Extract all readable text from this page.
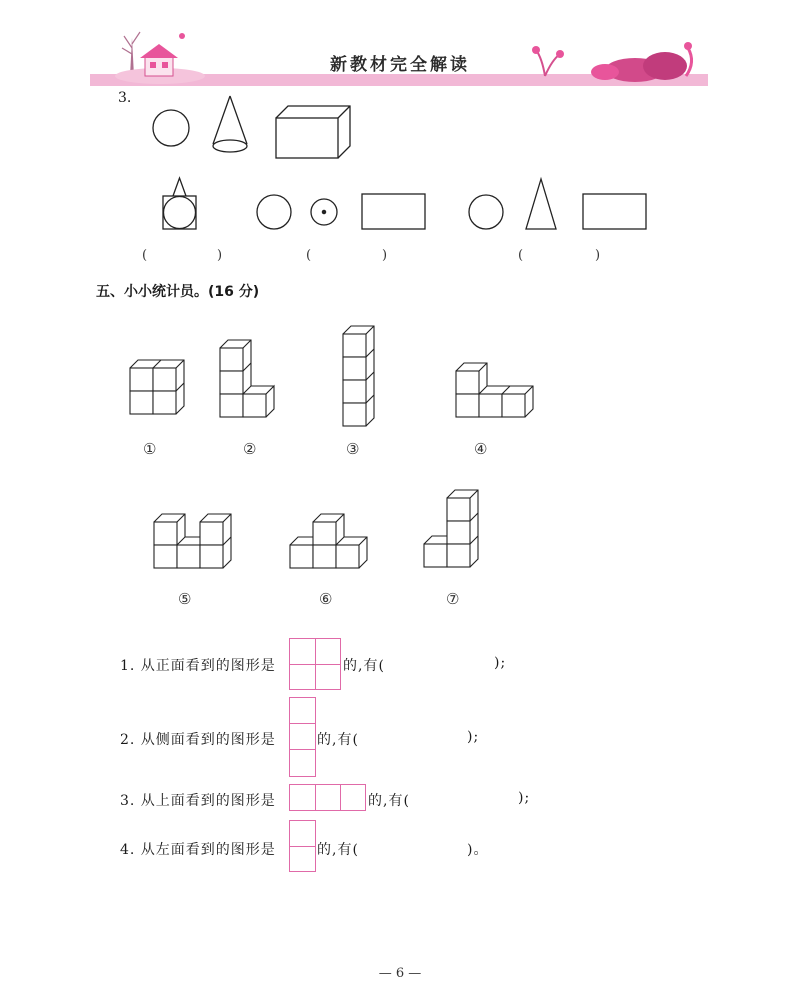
新教材完全解读
3.
(	)	(	)	(	)
五、小小统计员。(16 分)
①	②	③	④
⑤	⑥	⑦
1. 从正面看到的图形是	的,有(	);
2. 从侧面看到的图形是	的,有(	);
3. 从上面看到的图形是	的,有(	);
4. 从左面看到的图形是	的,有(	)。
— 6 —
